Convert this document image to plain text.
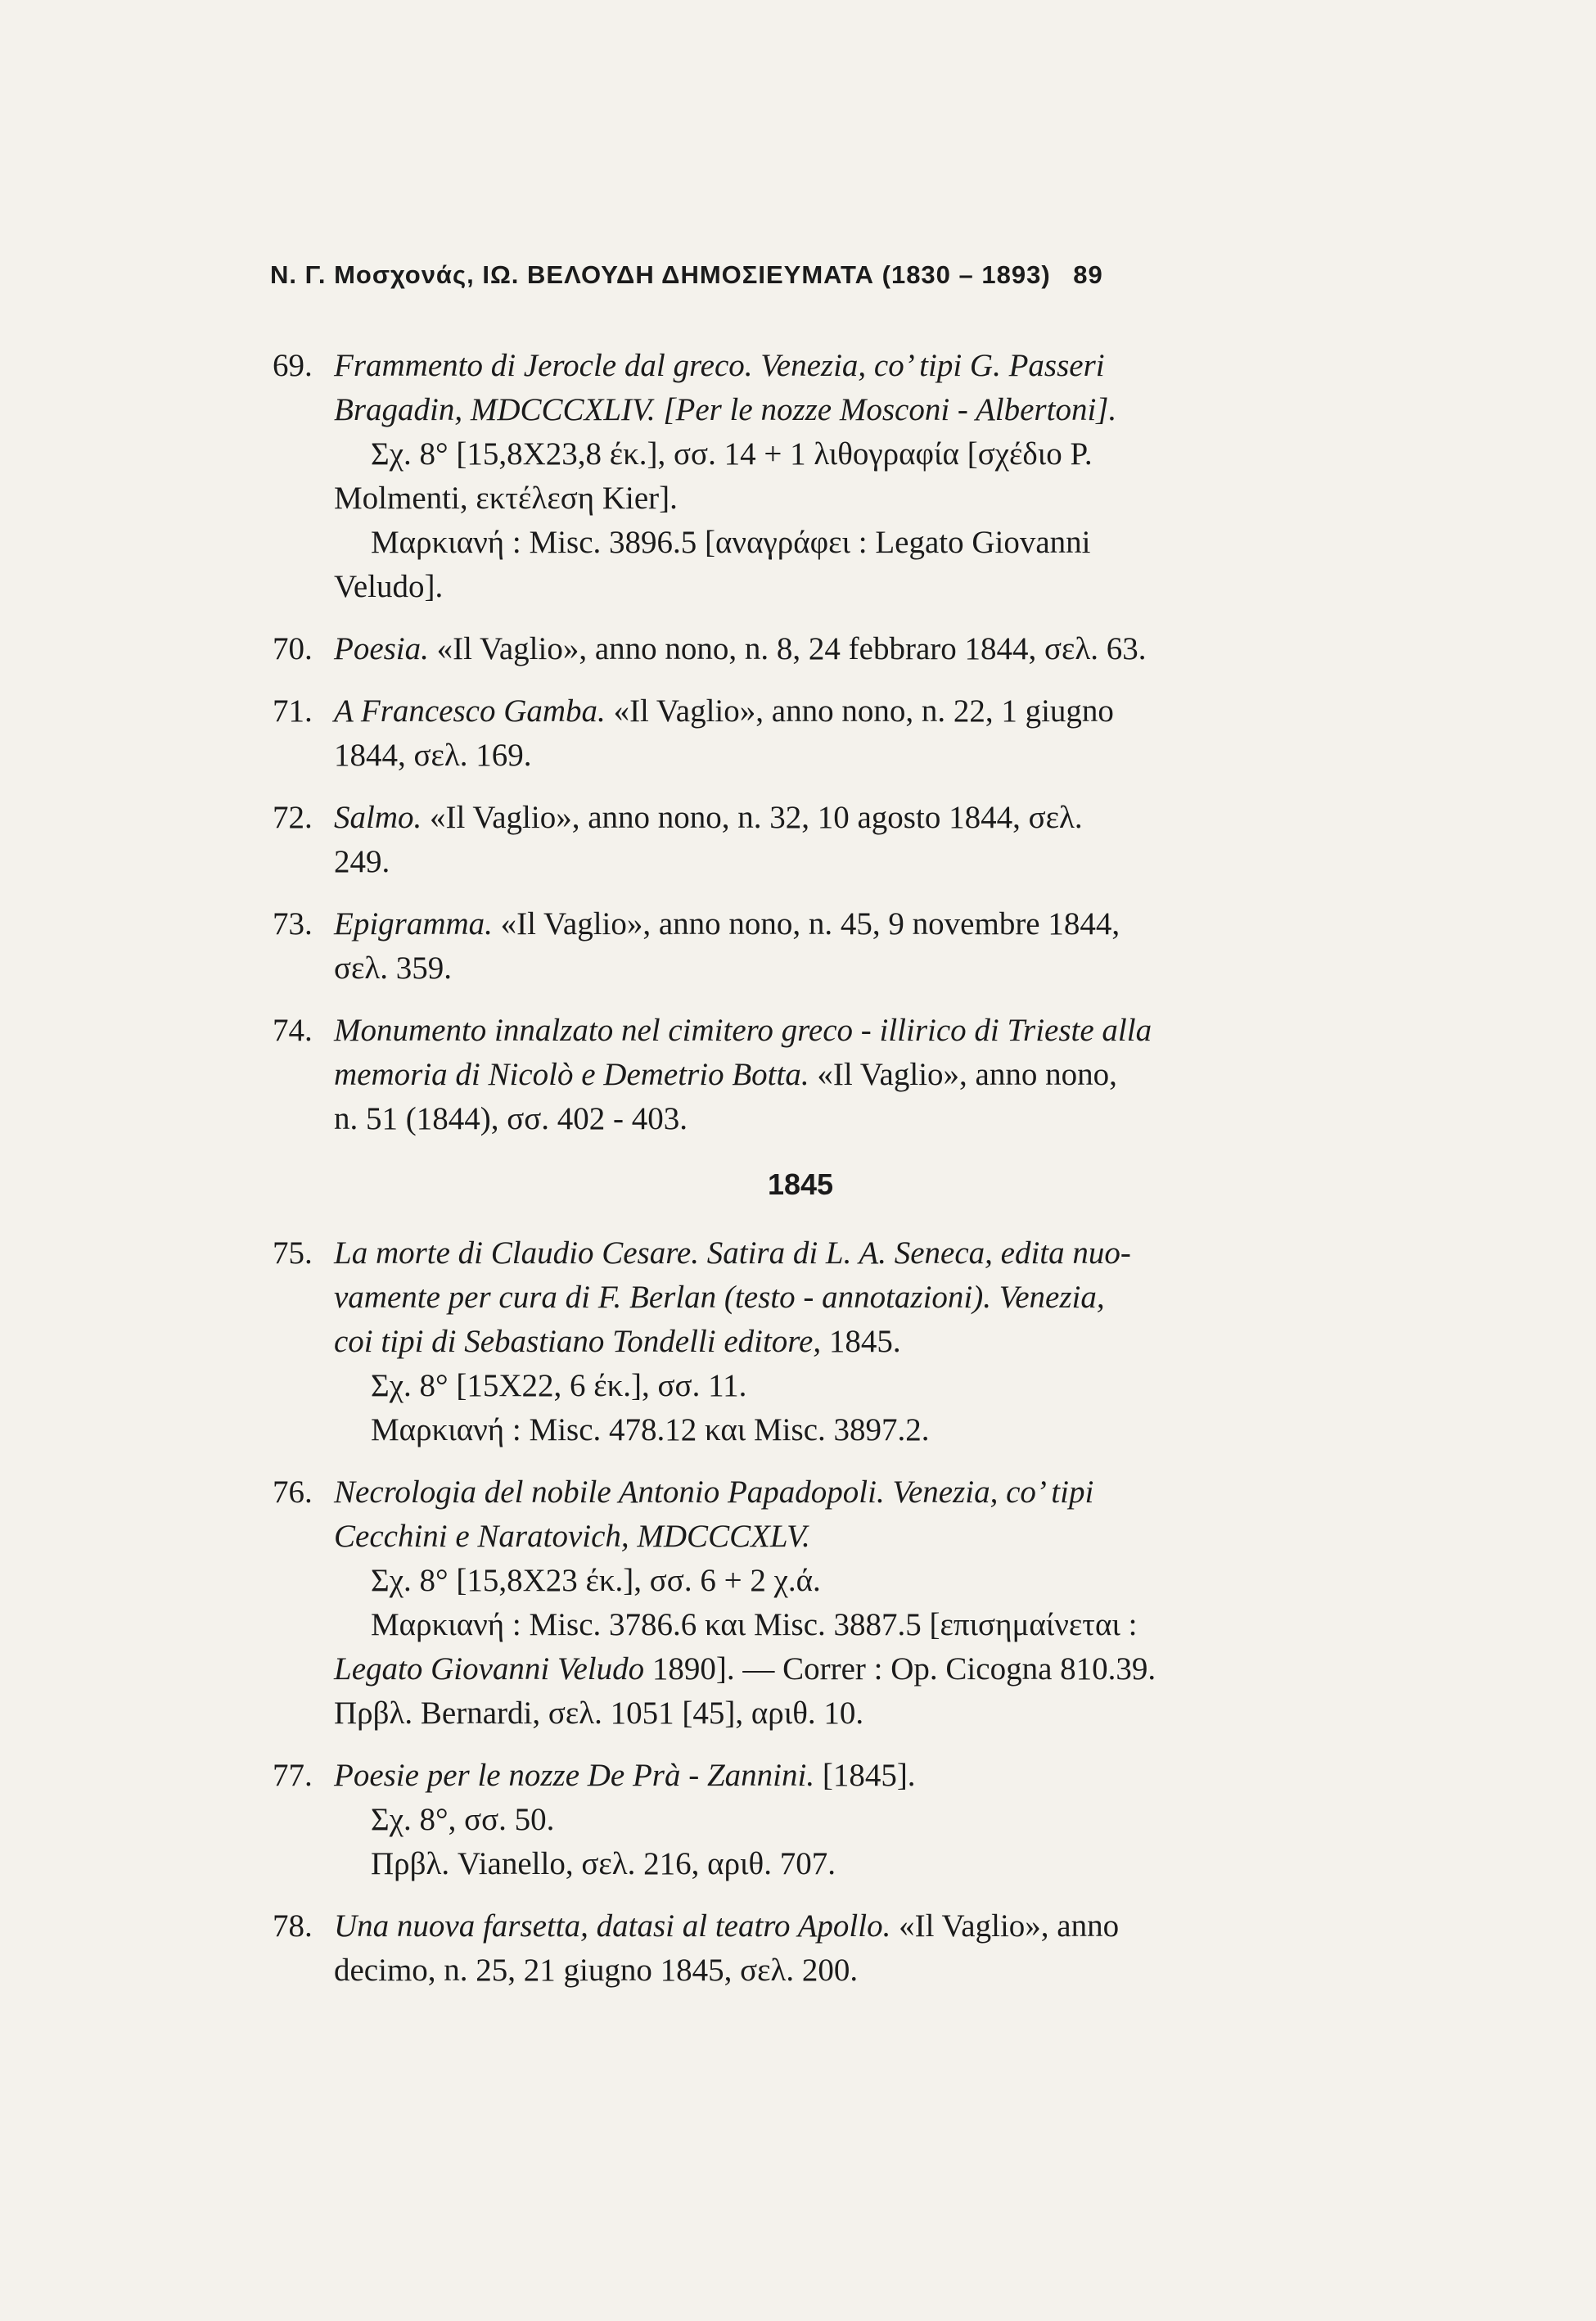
Ν. Γ. Μοσχονάς, ΙΩ. ΒΕΛΟΥΔΗ ΔΗΜΟΣΙΕΥΜΑΤΑ (1830 – 1893) 89
69. Frammento di Jerocle dal greco. Venezia, co’ tipi G. Passeri
Bragadin, MDCCCXLIV. [Per le nozze Mosconi - Albertoni].
Σχ. 8° [15,8Χ23,8 έκ.], σσ. 14 + 1 λιθογραφία [σχέδιο P.
Molmenti, εκτέλεση Kier].
Μαρκιανή : Misc. 3896.5 [αναγράφει : Legato Giovanni
Veludo].
70. Poesia. «Il Vaglio», anno nono, n. 8, 24 febbraro 1844, σελ. 63.
71. A Francesco Gamba. «Il Vaglio», anno nono, n. 22, 1 giugno
1844, σελ. 169.
72. Salmo. «Il Vaglio», anno nono, n. 32, 10 agosto 1844, σελ.
249.
73. Epigramma. «Il Vaglio», anno nono, n. 45, 9 novembre 1844,
σελ. 359.
74. Monumento innalzato nel cimitero greco - illirico di Trieste alla
memoria di Nicolò e Demetrio Botta. «Il Vaglio», anno nono,
n. 51 (1844), σσ. 402 - 403.
1845
75. La morte di Claudio Cesare. Satira di L. A. Seneca, edita nuo-
vamente per cura di F. Berlan (testo - annotazioni). Venezia,
coi tipi di Sebastiano Tondelli editore, 1845.
Σχ. 8° [15Χ22, 6 έκ.], σσ. 11.
Μαρκιανή : Misc. 478.12 και Misc. 3897.2.
76. Necrologia del nobile Antonio Papadopoli. Venezia, co’ tipi
Cecchini e Naratovich, MDCCCXLV.
Σχ. 8° [15,8Χ23 έκ.], σσ. 6 + 2 χ.ά.
Μαρκιανή : Misc. 3786.6 και Misc. 3887.5 [επισημαίνεται :
Legato Giovanni Veludo 1890]. — Correr : Op. Cicogna 810.39.
Πρβλ. Bernardi, σελ. 1051 [45], αριθ. 10.
77. Poesie per le nozze De Prà - Zannini. [1845].
Σχ. 8°, σσ. 50.
Πρβλ. Vianello, σελ. 216, αριθ. 707.
78. Una nuova farsetta, datasi al teatro Apollo. «Il Vaglio», anno
decimo, n. 25, 21 giugno 1845, σελ. 200.
